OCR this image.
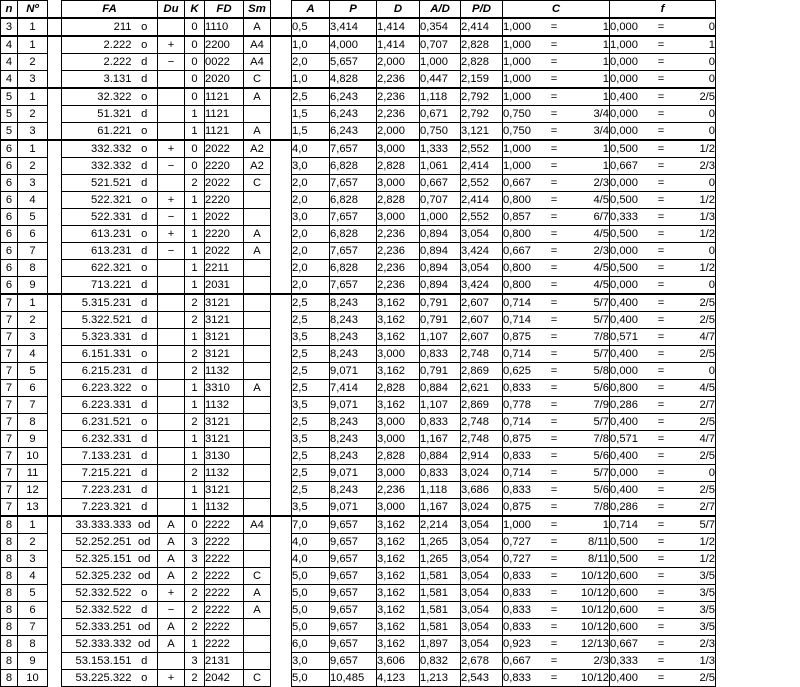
n	Nº		FA		Du	K	FD	Sm		A	P	D	A/D	P/D	C			f		
3	1		211	o		0	1110	A		0,5	3,414	1,414	0,354	2,414	1,000	=	1	0,000	=	0
4	1		2.222	o	+	0	2200	A4		1,0	4,000	1,414	0,707	2,828	1,000	=	1	1,000	=	1
4	2		2.222	d	−	0	0022	A4		2,0	5,657	2,000	1,000	2,828	1,000	=	1	0,000	=	0
4	3		3.131	d		0	2020	C		1,0	4,828	2,236	0,447	2,159	1,000	=	1	0,000	=	0
5	1		32.322	o		0	1121	A		2,5	6,243	2,236	1,118	2,792	1,000	=	1	0,400	=	2/5
5	2		51.321	d		1	1121			1,5	6,243	2,236	0,671	2,792	0,750	=	3/4	0,000	=	0
5	3		61.221	o		1	1121	A		1,5	6,243	2,000	0,750	3,121	0,750	=	3/4	0,000	=	0
6	1		332.332	o	+	0	2022	A2		4,0	7,657	3,000	1,333	2,552	1,000	=	1	0,500	=	1/2
6	2		332.332	d	−	0	2220	A2		3,0	6,828	2,828	1,061	2,414	1,000	=	1	0,667	=	2/3
6	3		521.521	d		2	2022	C		2,0	7,657	3,000	0,667	2,552	0,667	=	2/3	0,000	=	0
6	4		522.321	o	+	1	2220			2,0	6,828	2,828	0,707	2,414	0,800	=	4/5	0,500	=	1/2
6	5		522.331	d	−	1	2022			3,0	7,657	3,000	1,000	2,552	0,857	=	6/7	0,333	=	1/3
6	6		613.231	o	+	1	2220	A		2,0	6,828	2,236	0,894	3,054	0,800	=	4/5	0,500	=	1/2
6	7		613.231	d	−	1	2022	A		2,0	7,657	2,236	0,894	3,424	0,667	=	2/3	0,000	=	0
6	8		622.321	o		1	2211			2,0	6,828	2,236	0,894	3,054	0,800	=	4/5	0,500	=	1/2
6	9		713.221	d		1	2031			2,0	7,657	2,236	0,894	3,424	0,800	=	4/5	0,000	=	0
7	1		5.315.231	d		2	3121			2,5	8,243	3,162	0,791	2,607	0,714	=	5/7	0,400	=	2/5
7	2		5.322.521	d		2	3121			2,5	8,243	3,162	0,791	2,607	0,714	=	5/7	0,400	=	2/5
7	3		5.323.331	d		1	3121			3,5	8,243	3,162	1,107	2,607	0,875	=	7/8	0,571	=	4/7
7	4		6.151.331	o		2	3121			2,5	8,243	3,000	0,833	2,748	0,714	=	5/7	0,400	=	2/5
7	5		6.215.231	d		2	1132			2,5	9,071	3,162	0,791	2,869	0,625	=	5/8	0,000	=	0
7	6		6.223.322	o		1	3310	A		2,5	7,414	2,828	0,884	2,621	0,833	=	5/6	0,800	=	4/5
7	7		6.223.331	d		1	1132			3,5	9,071	3,162	1,107	2,869	0,778	=	7/9	0,286	=	2/7
7	8		6.231.521	o		2	3121			2,5	8,243	3,000	0,833	2,748	0,714	=	5/7	0,400	=	2/5
7	9		6.232.331	d		1	3121			3,5	8,243	3,000	1,167	2,748	0,875	=	7/8	0,571	=	4/7
7	10		7.133.231	d		1	3130			2,5	8,243	2,828	0,884	2,914	0,833	=	5/6	0,400	=	2/5
7	11		7.215.221	d		2	1132			2,5	9,071	3,000	0,833	3,024	0,714	=	5/7	0,000	=	0
7	12		7.223.231	d		1	3121			2,5	8,243	2,236	1,118	3,686	0,833	=	5/6	0,400	=	2/5
7	13		7.223.321	d		1	1132			3,5	9,071	3,000	1,167	3,024	0,875	=	7/8	0,286	=	2/7
8	1		33.333.333	od	A	0	2222	A4		7,0	9,657	3,162	2,214	3,054	1,000	=	1	0,714	=	5/7
8	2		52.252.251	od	A	3	2222			4,0	9,657	3,162	1,265	3,054	0,727	=	8/11	0,500	=	1/2
8	3		52.325.151	od	A	3	2222			4,0	9,657	3,162	1,265	3,054	0,727	=	8/11	0,500	=	1/2
8	4		52.325.232	od	A	2	2222	C		5,0	9,657	3,162	1,581	3,054	0,833	=	10/12	0,600	=	3/5
8	5		52.332.522	o	+	2	2222	A		5,0	9,657	3,162	1,581	3,054	0,833	=	10/12	0,600	=	3/5
8	6		52.332.522	d	−	2	2222	A		5,0	9,657	3,162	1,581	3,054	0,833	=	10/12	0,600	=	3/5
8	7		52.333.251	od	A	2	2222			5,0	9,657	3,162	1,581	3,054	0,833	=	10/12	0,600	=	3/5
8	8		52.333.332	od	A	1	2222			6,0	9,657	3,162	1,897	3,054	0,923	=	12/13	0,667	=	2/3
8	9		53.153.151	d		3	2131			3,0	9,657	3,606	0,832	2,678	0,667	=	2/3	0,333	=	1/3
8	10		53.225.322	o	+	2	2042	C		5,0	10,485	4,123	1,213	2,543	0,833	=	10/12	0,400	=	2/5
